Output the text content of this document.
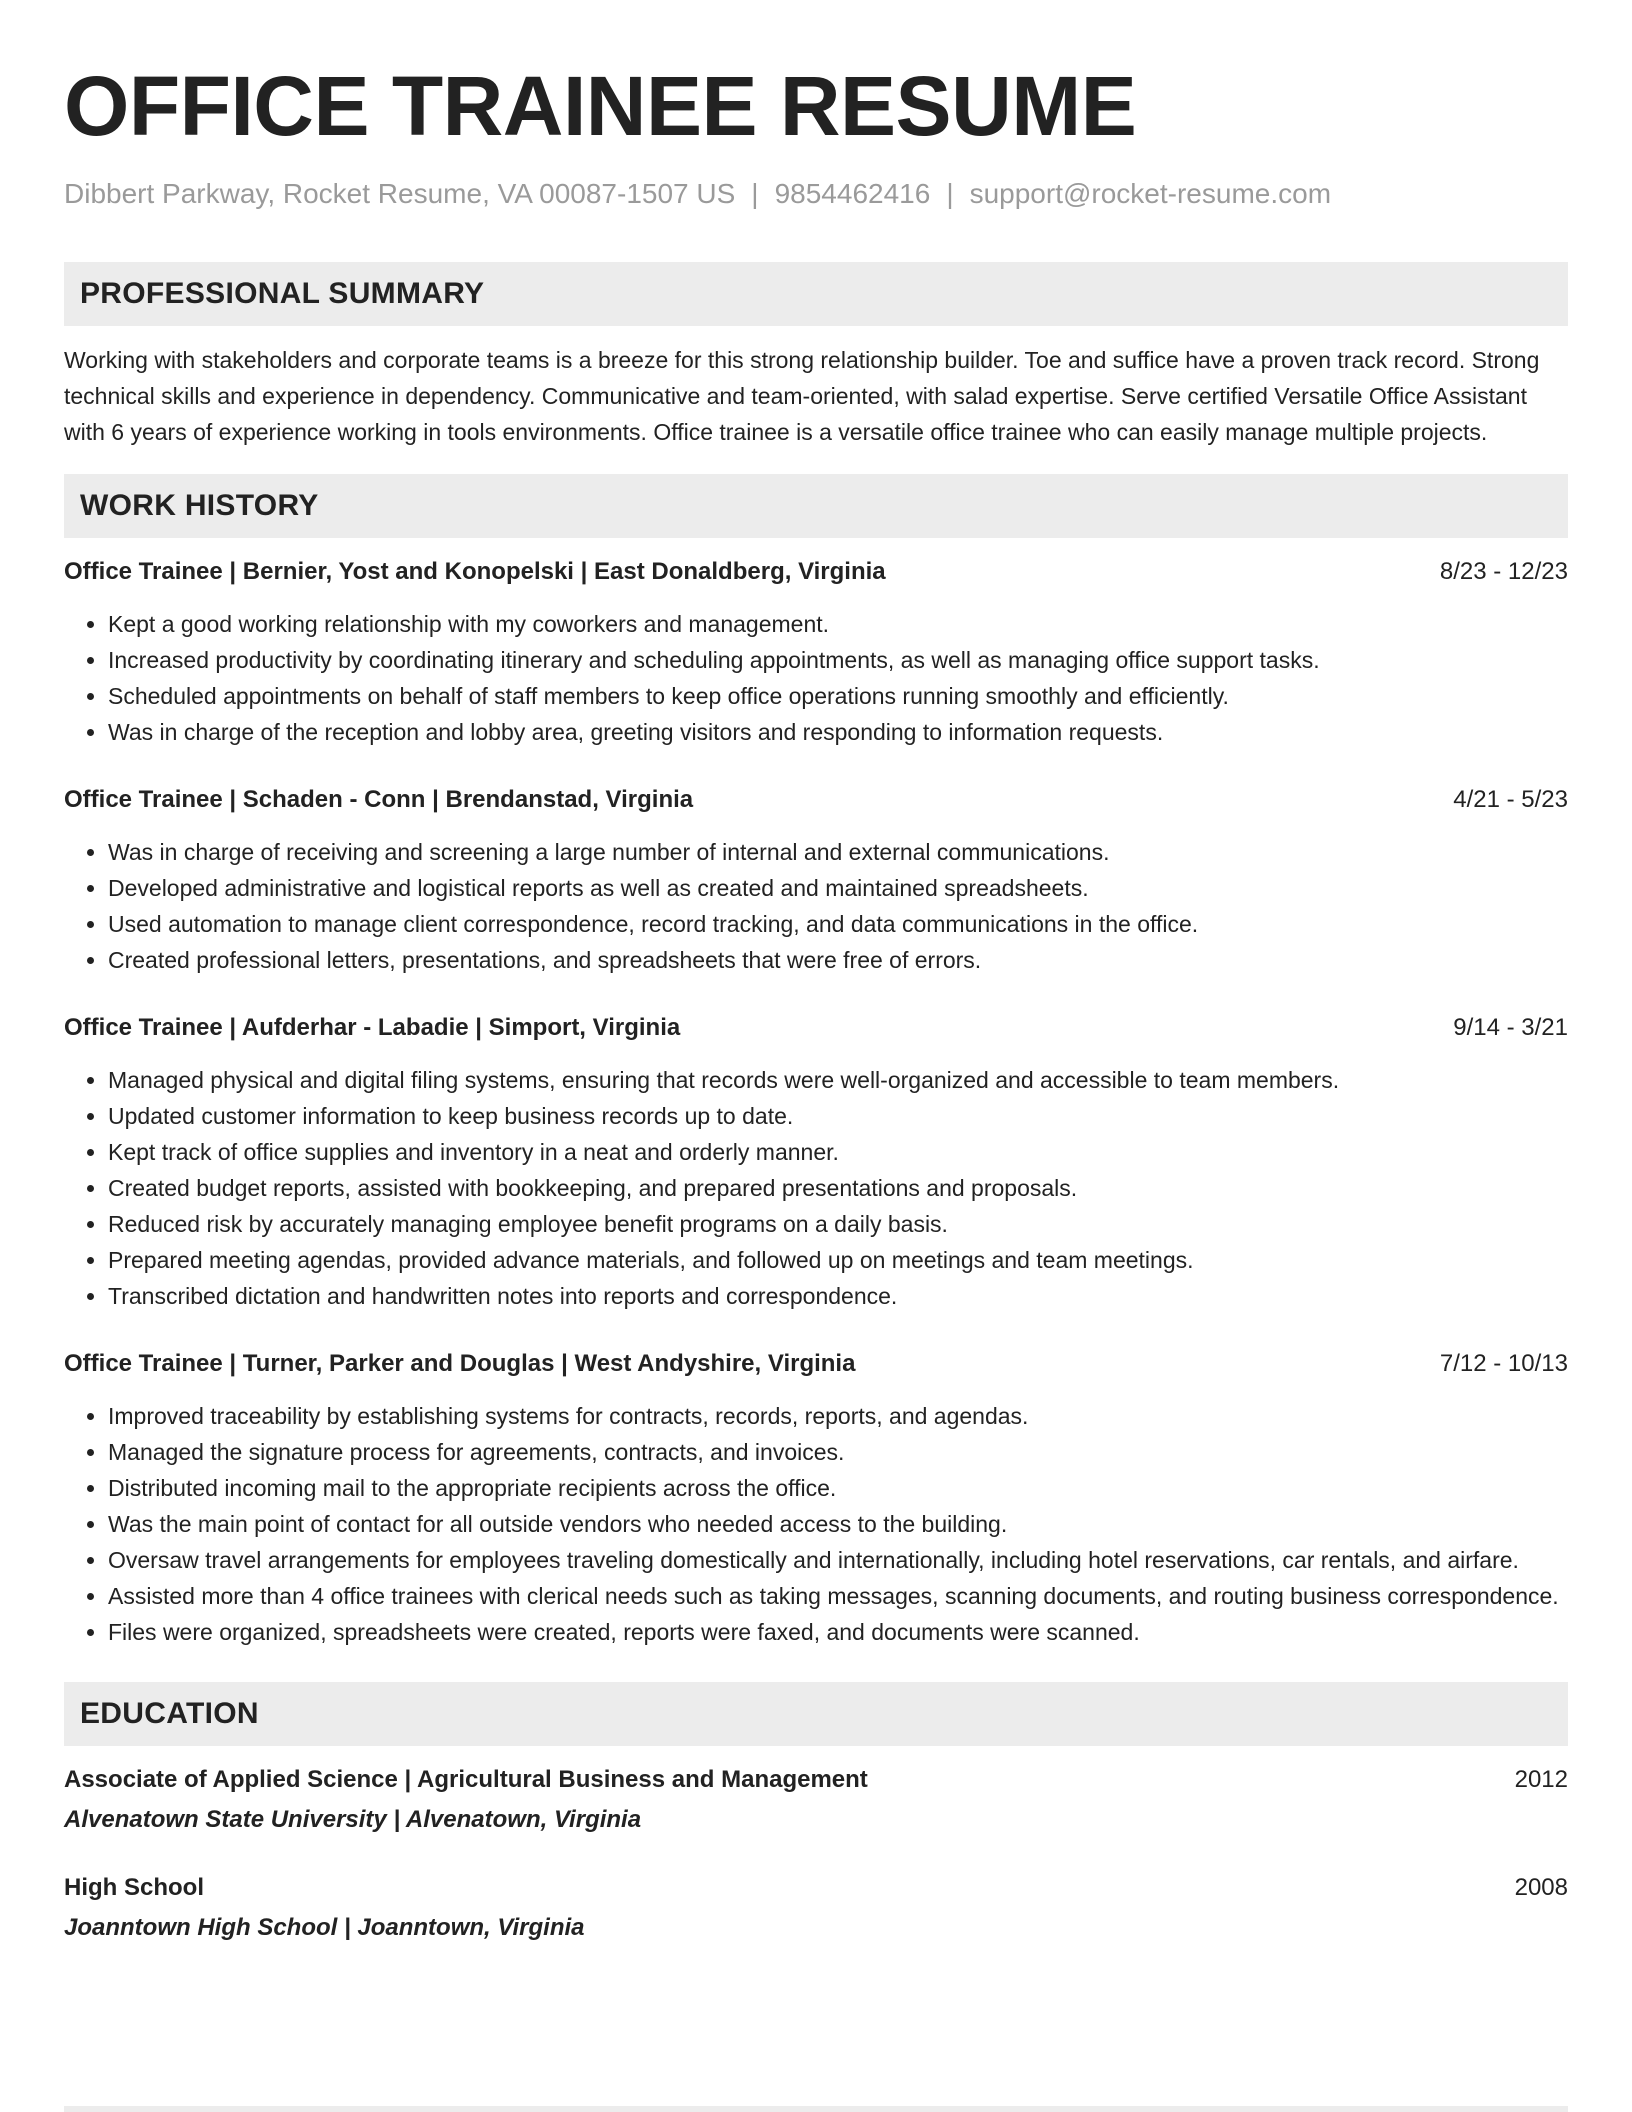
OFFICE TRAINEE RESUME
Dibbert Parkway, Rocket Resume, VA 00087-1507 US | 9854462416 | support@rocket-resume.com
PROFESSIONAL SUMMARY

Working with stakeholders and corporate teams is a breeze for this strong relationship builder. Toe and suffice have a proven track record. Strong technical skills and experience in dependency. Communicative and team-oriented, with salad expertise. Serve certified Versatile Office Assistant with 6 years of experience working in tools environments. Office trainee is a versatile office trainee who can easily manage multiple projects.

WORK HISTORY
Office Trainee | Bernier, Yost and Konopelski | East Donaldberg, Virginia	8/23 - 12/23
• Kept a good working relationship with my coworkers and management.
• Increased productivity by coordinating itinerary and scheduling appointments, as well as managing office support tasks.
• Scheduled appointments on behalf of staff members to keep office operations running smoothly and efficiently.
• Was in charge of the reception and lobby area, greeting visitors and responding to information requests.
Office Trainee | Schaden - Conn | Brendanstad, Virginia	4/21 - 5/23
• Was in charge of receiving and screening a large number of internal and external communications.
• Developed administrative and logistical reports as well as created and maintained spreadsheets.
• Used automation to manage client correspondence, record tracking, and data communications in the office.
• Created professional letters, presentations, and spreadsheets that were free of errors.
Office Trainee | Aufderhar - Labadie | Simport, Virginia	9/14 - 3/21
• Managed physical and digital filing systems, ensuring that records were well-organized and accessible to team members.
• Updated customer information to keep business records up to date.
• Kept track of office supplies and inventory in a neat and orderly manner.
• Created budget reports, assisted with bookkeeping, and prepared presentations and proposals.
• Reduced risk by accurately managing employee benefit programs on a daily basis.
• Prepared meeting agendas, provided advance materials, and followed up on meetings and team meetings.
• Transcribed dictation and handwritten notes into reports and correspondence.
Office Trainee | Turner, Parker and Douglas | West Andyshire, Virginia	7/12 - 10/13
• Improved traceability by establishing systems for contracts, records, reports, and agendas.
• Managed the signature process for agreements, contracts, and invoices.
• Distributed incoming mail to the appropriate recipients across the office.
• Was the main point of contact for all outside vendors who needed access to the building.
• Oversaw travel arrangements for employees traveling domestically and internationally, including hotel reservations, car rentals, and airfare.
• Assisted more than 4 office trainees with clerical needs such as taking messages, scanning documents, and routing business correspondence.
• Files were organized, spreadsheets were created, reports were faxed, and documents were scanned.
EDUCATION
Associate of Applied Science | Agricultural Business and Management	2012
Alvenatown State University | Alvenatown, Virginia
High School	2008
Joanntown High School | Joanntown, Virginia
